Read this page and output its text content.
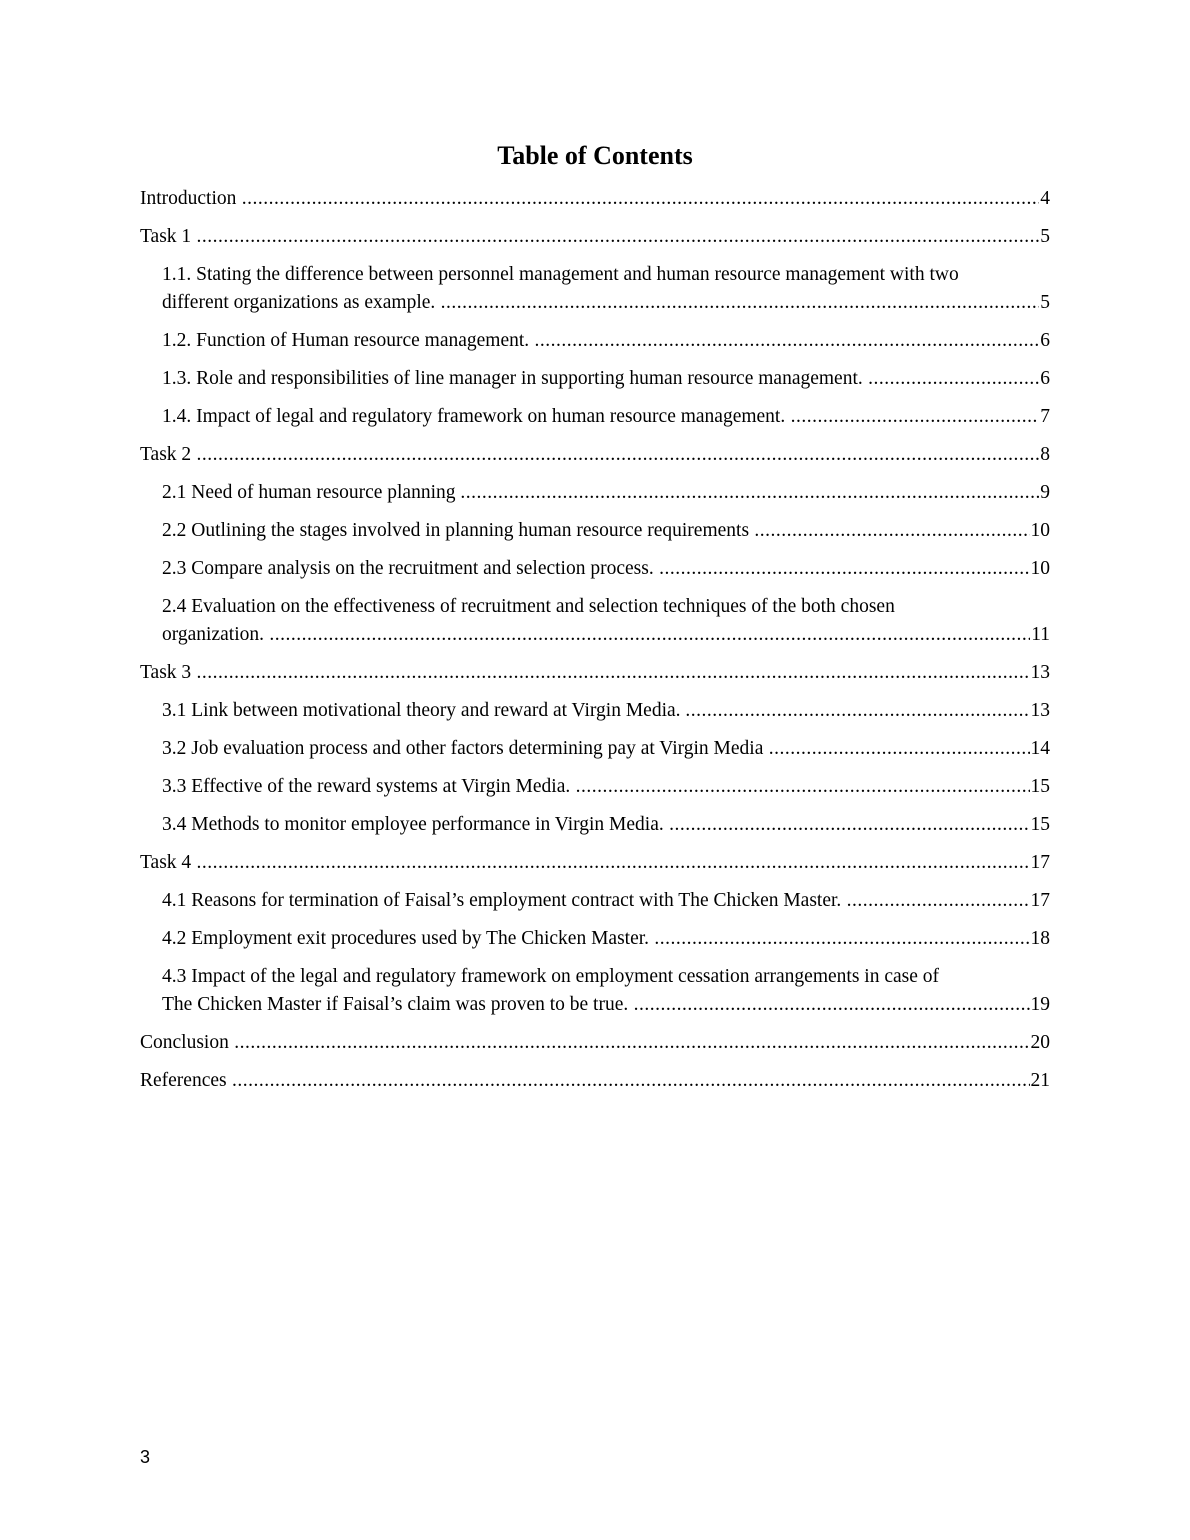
Table of Contents
Introduction .....	4
Task 1 .....	5
1.1. Stating the difference between personnel management and human resource management with two
different organizations as example. .....	5
1.2. Function of Human resource management. .....	6
1.3. Role and responsibilities of line manager in supporting human resource management. .....	6
1.4. Impact of legal and regulatory framework on human resource management. .....	7
Task 2 .....	8
2.1 Need of human resource planning .....	9
2.2 Outlining the stages involved in planning human resource requirements .....	10
2.3 Compare analysis on the recruitment and selection process. .....	10
2.4 Evaluation on the effectiveness of recruitment and selection techniques of the both chosen
organization. .....	11
Task 3 .....	13
3.1 Link between motivational theory and reward at Virgin Media. .....	13
3.2 Job evaluation process and other factors determining pay at Virgin Media .....	14
3.3 Effective of the reward systems at Virgin Media. .....	15
3.4 Methods to monitor employee performance in Virgin Media. .....	15
Task 4 .....	17
4.1 Reasons for termination of Faisal’s employment contract with The Chicken Master. .....	17
4.2 Employment exit procedures used by The Chicken Master. .....	18
4.3 Impact of the legal and regulatory framework on employment cessation arrangements in case of
The Chicken Master if Faisal’s claim was proven to be true. .....	19
Conclusion .....	20
References .....	21
3
